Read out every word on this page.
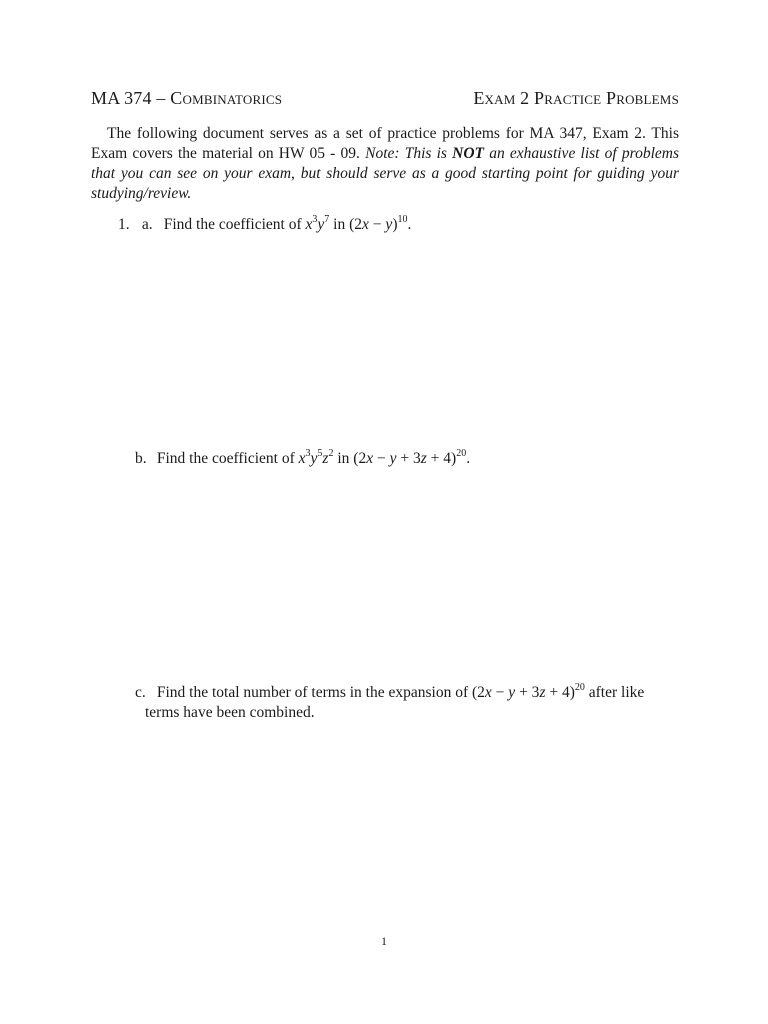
MA 374 – Combinatorics	Exam 2 Practice Problems
The following document serves as a set of practice problems for MA 347, Exam 2. This Exam covers the material on HW 05 - 09. Note: This is NOT an exhaustive list of problems that you can see on your exam, but should serve as a good starting point for guiding your studying/review.
1. a. Find the coefficient of $x^3y^7$ in $(2x - y)^{10}$.
b. Find the coefficient of $x^3y^5z^2$ in $(2x - y + 3z + 4)^{20}$.
c. Find the total number of terms in the expansion of $(2x - y + 3z + 4)^{20}$ after like
terms have been combined.
1
